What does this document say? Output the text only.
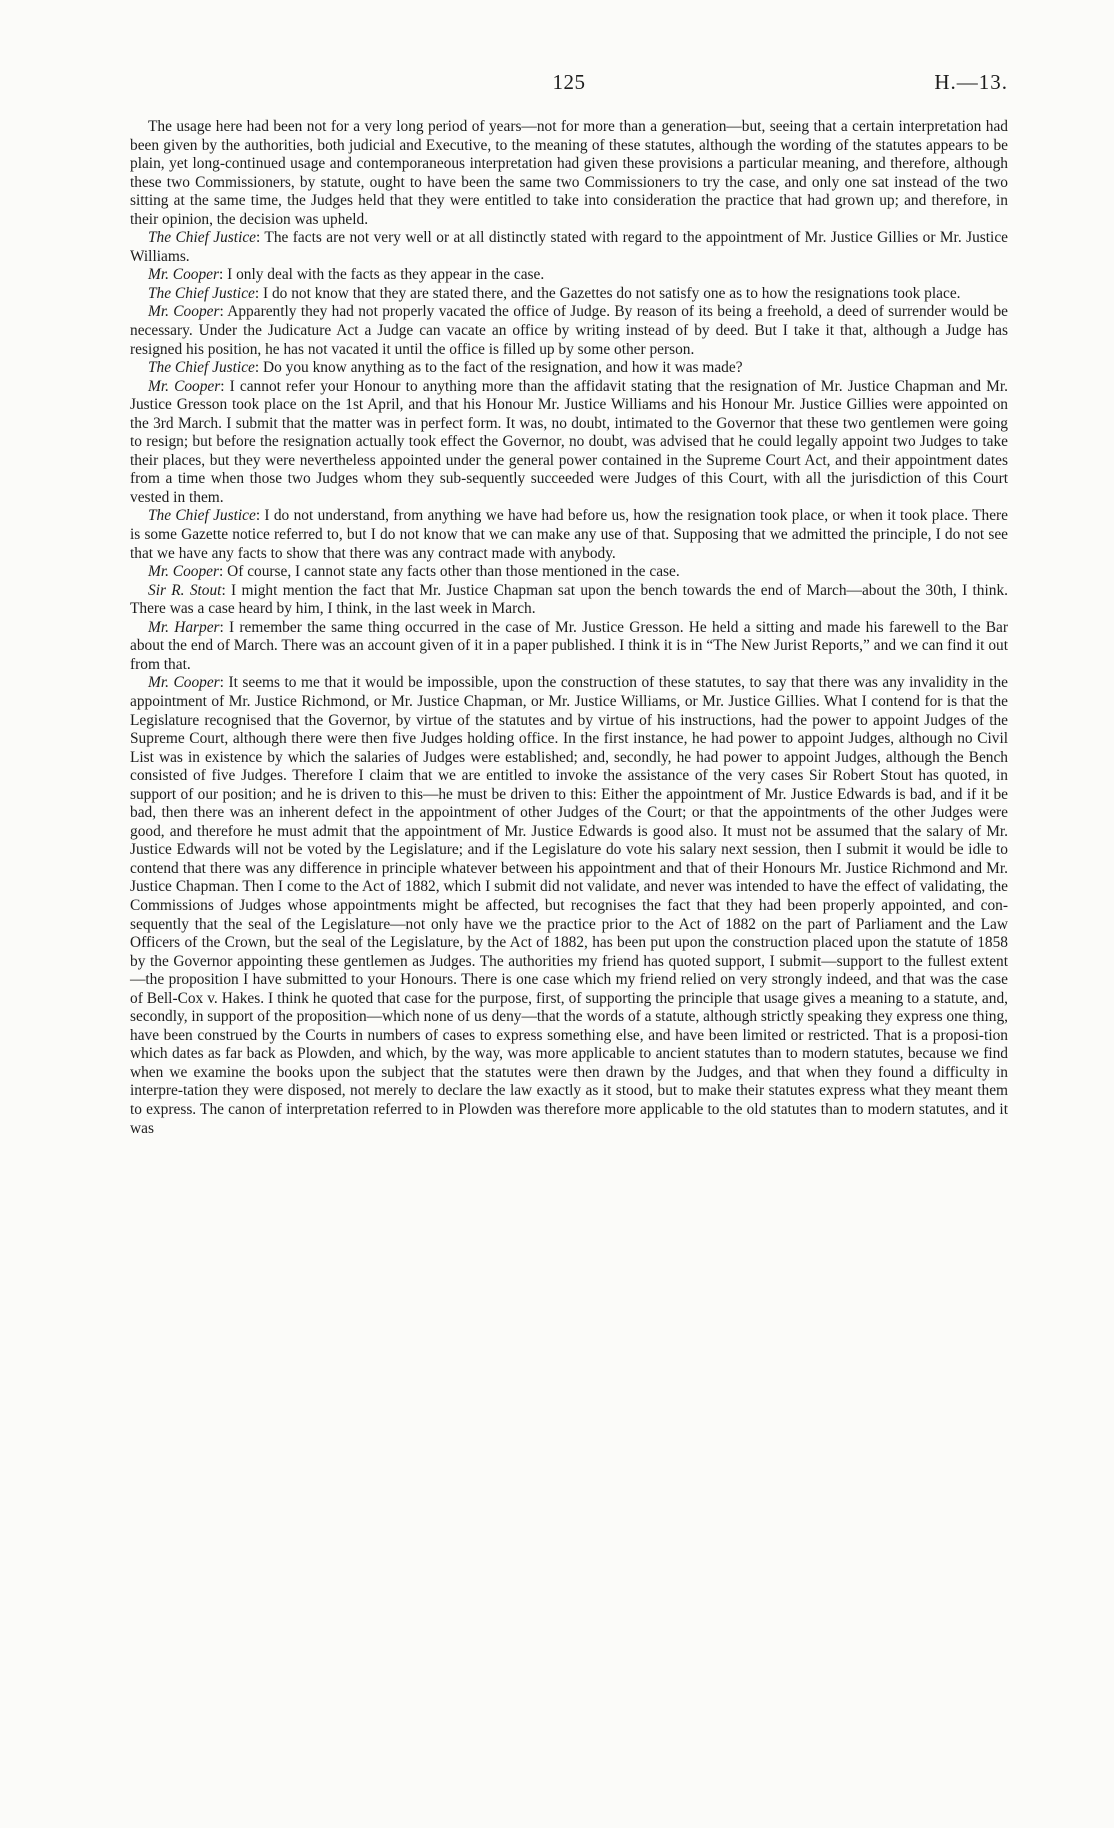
125	H.—13.

The usage here had been not for a very long period of years—not for more than a generation—but, seeing that a certain interpretation had been given by the authorities, both judicial and Executive, to the meaning of these statutes, although the wording of the statutes appears to be plain, yet long-continued usage and contemporaneous interpretation had given these provisions a particular meaning, and therefore, although these two Commissioners, by statute, ought to have been the same two Commissioners to try the case, and only one sat instead of the two sitting at the same time, the Judges held that they were entitled to take into consideration the practice that had grown up; and therefore, in their opinion, the decision was upheld.

The Chief Justice: The facts are not very well or at all distinctly stated with regard to the appointment of Mr. Justice Gillies or Mr. Justice Williams.

Mr. Cooper: I only deal with the facts as they appear in the case.

The Chief Justice: I do not know that they are stated there, and the Gazettes do not satisfy one as to how the resignations took place.

Mr. Cooper: Apparently they had not properly vacated the office of Judge. By reason of its being a freehold, a deed of surrender would be necessary. Under the Judicature Act a Judge can vacate an office by writing instead of by deed. But I take it that, although a Judge has resigned his position, he has not vacated it until the office is filled up by some other person.

The Chief Justice: Do you know anything as to the fact of the resignation, and how it was made?

Mr. Cooper: I cannot refer your Honour to anything more than the affidavit stating that the resignation of Mr. Justice Chapman and Mr. Justice Gresson took place on the 1st April, and that his Honour Mr. Justice Williams and his Honour Mr. Justice Gillies were appointed on the 3rd March. I submit that the matter was in perfect form. It was, no doubt, intimated to the Governor that these two gentlemen were going to resign; but before the resignation actually took effect the Governor, no doubt, was advised that he could legally appoint two Judges to take their places, but they were nevertheless appointed under the general power contained in the Supreme Court Act, and their appointment dates from a time when those two Judges whom they sub-sequently succeeded were Judges of this Court, with all the jurisdiction of this Court vested in them.

The Chief Justice: I do not understand, from anything we have had before us, how the resignation took place, or when it took place. There is some Gazette notice referred to, but I do not know that we can make any use of that. Supposing that we admitted the principle, I do not see that we have any facts to show that there was any contract made with anybody.

Mr. Cooper: Of course, I cannot state any facts other than those mentioned in the case.

Sir R. Stout: I might mention the fact that Mr. Justice Chapman sat upon the bench towards the end of March—about the 30th, I think. There was a case heard by him, I think, in the last week in March.

Mr. Harper: I remember the same thing occurred in the case of Mr. Justice Gresson. He held a sitting and made his farewell to the Bar about the end of March. There was an account given of it in a paper published. I think it is in “The New Jurist Reports,” and we can find it out from that.

Mr. Cooper: It seems to me that it would be impossible, upon the construction of these statutes, to say that there was any invalidity in the appointment of Mr. Justice Richmond, or Mr. Justice Chapman, or Mr. Justice Williams, or Mr. Justice Gillies. What I contend for is that the Legislature recognised that the Governor, by virtue of the statutes and by virtue of his instructions, had the power to appoint Judges of the Supreme Court, although there were then five Judges holding office. In the first instance, he had power to appoint Judges, although no Civil List was in existence by which the salaries of Judges were established; and, secondly, he had power to appoint Judges, although the Bench consisted of five Judges. Therefore I claim that we are entitled to invoke the assistance of the very cases Sir Robert Stout has quoted, in support of our position; and he is driven to this—he must be driven to this: Either the appointment of Mr. Justice Edwards is bad, and if it be bad, then there was an inherent defect in the appointment of other Judges of the Court; or that the appointments of the other Judges were good, and therefore he must admit that the appointment of Mr. Justice Edwards is good also. It must not be assumed that the salary of Mr. Justice Edwards will not be voted by the Legislature; and if the Legislature do vote his salary next session, then I submit it would be idle to contend that there was any difference in principle whatever between his appointment and that of their Honours Mr. Justice Richmond and Mr. Justice Chapman. Then I come to the Act of 1882, which I submit did not validate, and never was intended to have the effect of validating, the Commissions of Judges whose appointments might be affected, but recognises the fact that they had been properly appointed, and con-sequently that the seal of the Legislature—not only have we the practice prior to the Act of 1882 on the part of Parliament and the Law Officers of the Crown, but the seal of the Legislature, by the Act of 1882, has been put upon the construction placed upon the statute of 1858 by the Governor appointing these gentlemen as Judges. The authorities my friend has quoted support, I submit—support to the fullest extent—the proposition I have submitted to your Honours. There is one case which my friend relied on very strongly indeed, and that was the case of Bell-Cox v. Hakes. I think he quoted that case for the purpose, first, of supporting the principle that usage gives a meaning to a statute, and, secondly, in support of the proposition—which none of us deny—that the words of a statute, although strictly speaking they express one thing, have been construed by the Courts in numbers of cases to express something else, and have been limited or restricted. That is a proposi-tion which dates as far back as Plowden, and which, by the way, was more applicable to ancient statutes than to modern statutes, because we find when we examine the books upon the subject that the statutes were then drawn by the Judges, and that when they found a difficulty in interpre-tation they were disposed, not merely to declare the law exactly as it stood, but to make their statutes express what they meant them to express. The canon of interpretation referred to in Plowden was therefore more applicable to the old statutes than to modern statutes, and it was
